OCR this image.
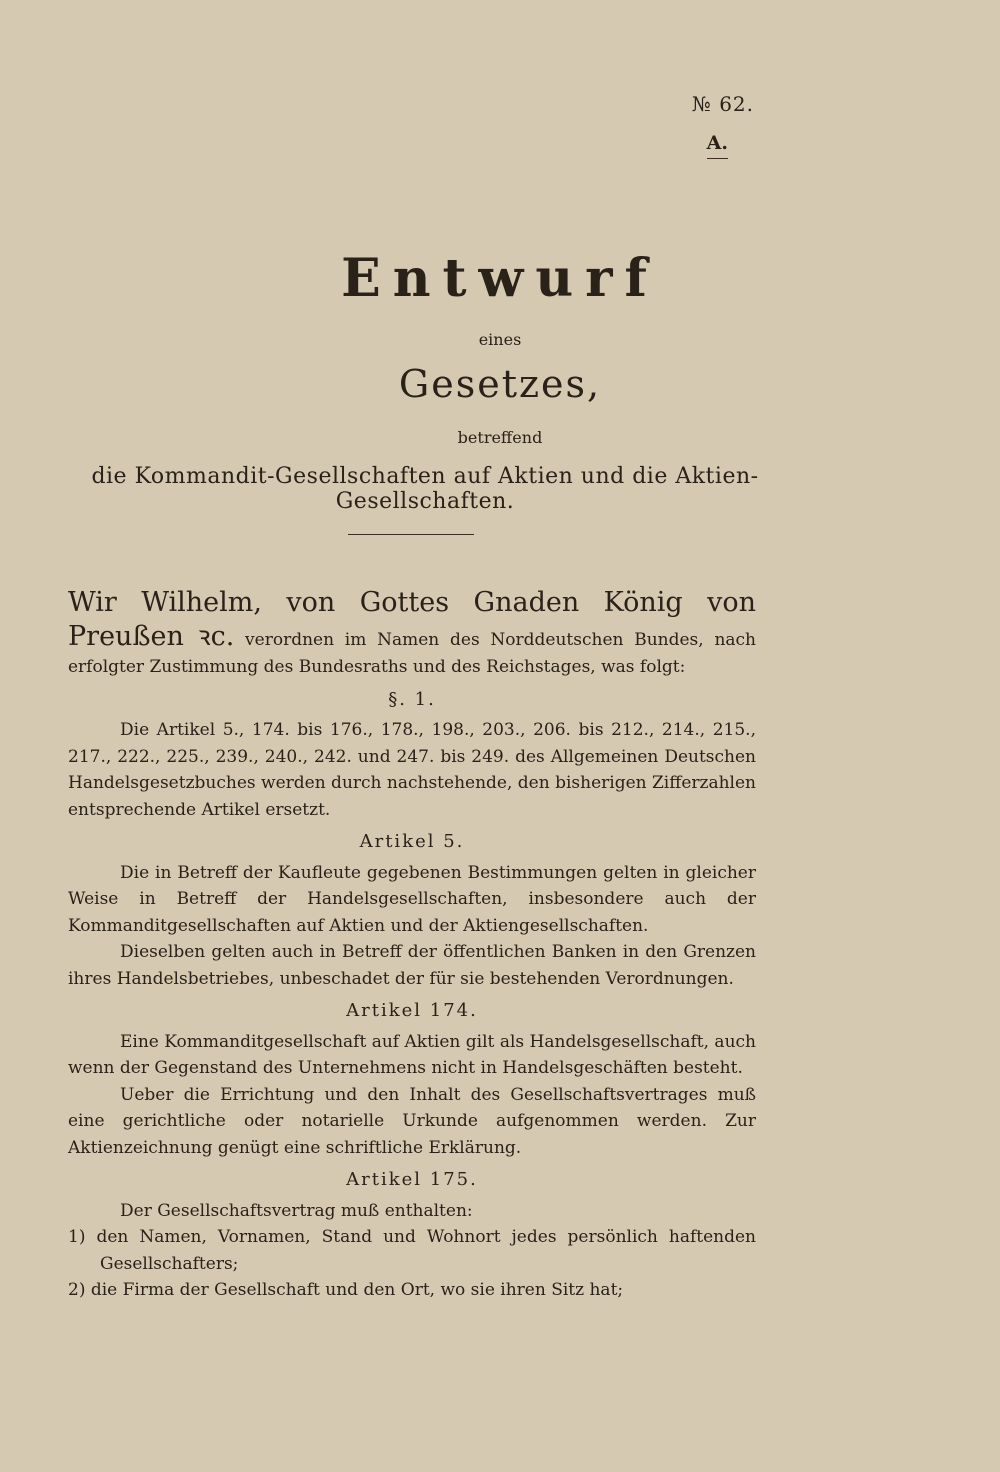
№ 62.
A.
Entwurf
eines
Gesetzes,
betreffend
die Kommandit-Gesellschaften auf Aktien und die Aktien-Gesellschaften.

Wir Wilhelm, von Gottes Gnaden König von Preußen ꝛc. verordnen im Namen des Norddeutschen Bundes, nach erfolgter Zustimmung des Bundesraths und des Reichstages, was folgt:

§. 1.

Die Artikel 5., 174. bis 176., 178., 198., 203., 206. bis 212., 214., 215., 217., 222., 225., 239., 240., 242. und 247. bis 249. des Allgemeinen Deutschen Handelsgesetzbuches werden durch nachstehende, den bisherigen Zifferzahlen entsprechende Artikel ersetzt.

Artikel 5.

Die in Betreff der Kaufleute gegebenen Bestimmungen gelten in gleicher Weise in Betreff der Handelsgesellschaften, insbesondere auch der Kommanditgesellschaften auf Aktien und der Aktiengesellschaften.

Dieselben gelten auch in Betreff der öffentlichen Banken in den Grenzen ihres Handelsbetriebes, unbeschadet der für sie bestehenden Verordnungen.

Artikel 174.

Eine Kommanditgesellschaft auf Aktien gilt als Handelsgesellschaft, auch wenn der Gegenstand des Unternehmens nicht in Handelsgeschäften besteht.

Ueber die Errichtung und den Inhalt des Gesellschaftsvertrages muß eine gerichtliche oder notarielle Urkunde aufgenommen werden. Zur Aktienzeichnung genügt eine schriftliche Erklärung.

Artikel 175.

Der Gesellschaftsvertrag muß enthalten:

1) den Namen, Vornamen, Stand und Wohnort jedes persönlich haftenden Gesellschafters;

2) die Firma der Gesellschaft und den Ort, wo sie ihren Sitz hat;
